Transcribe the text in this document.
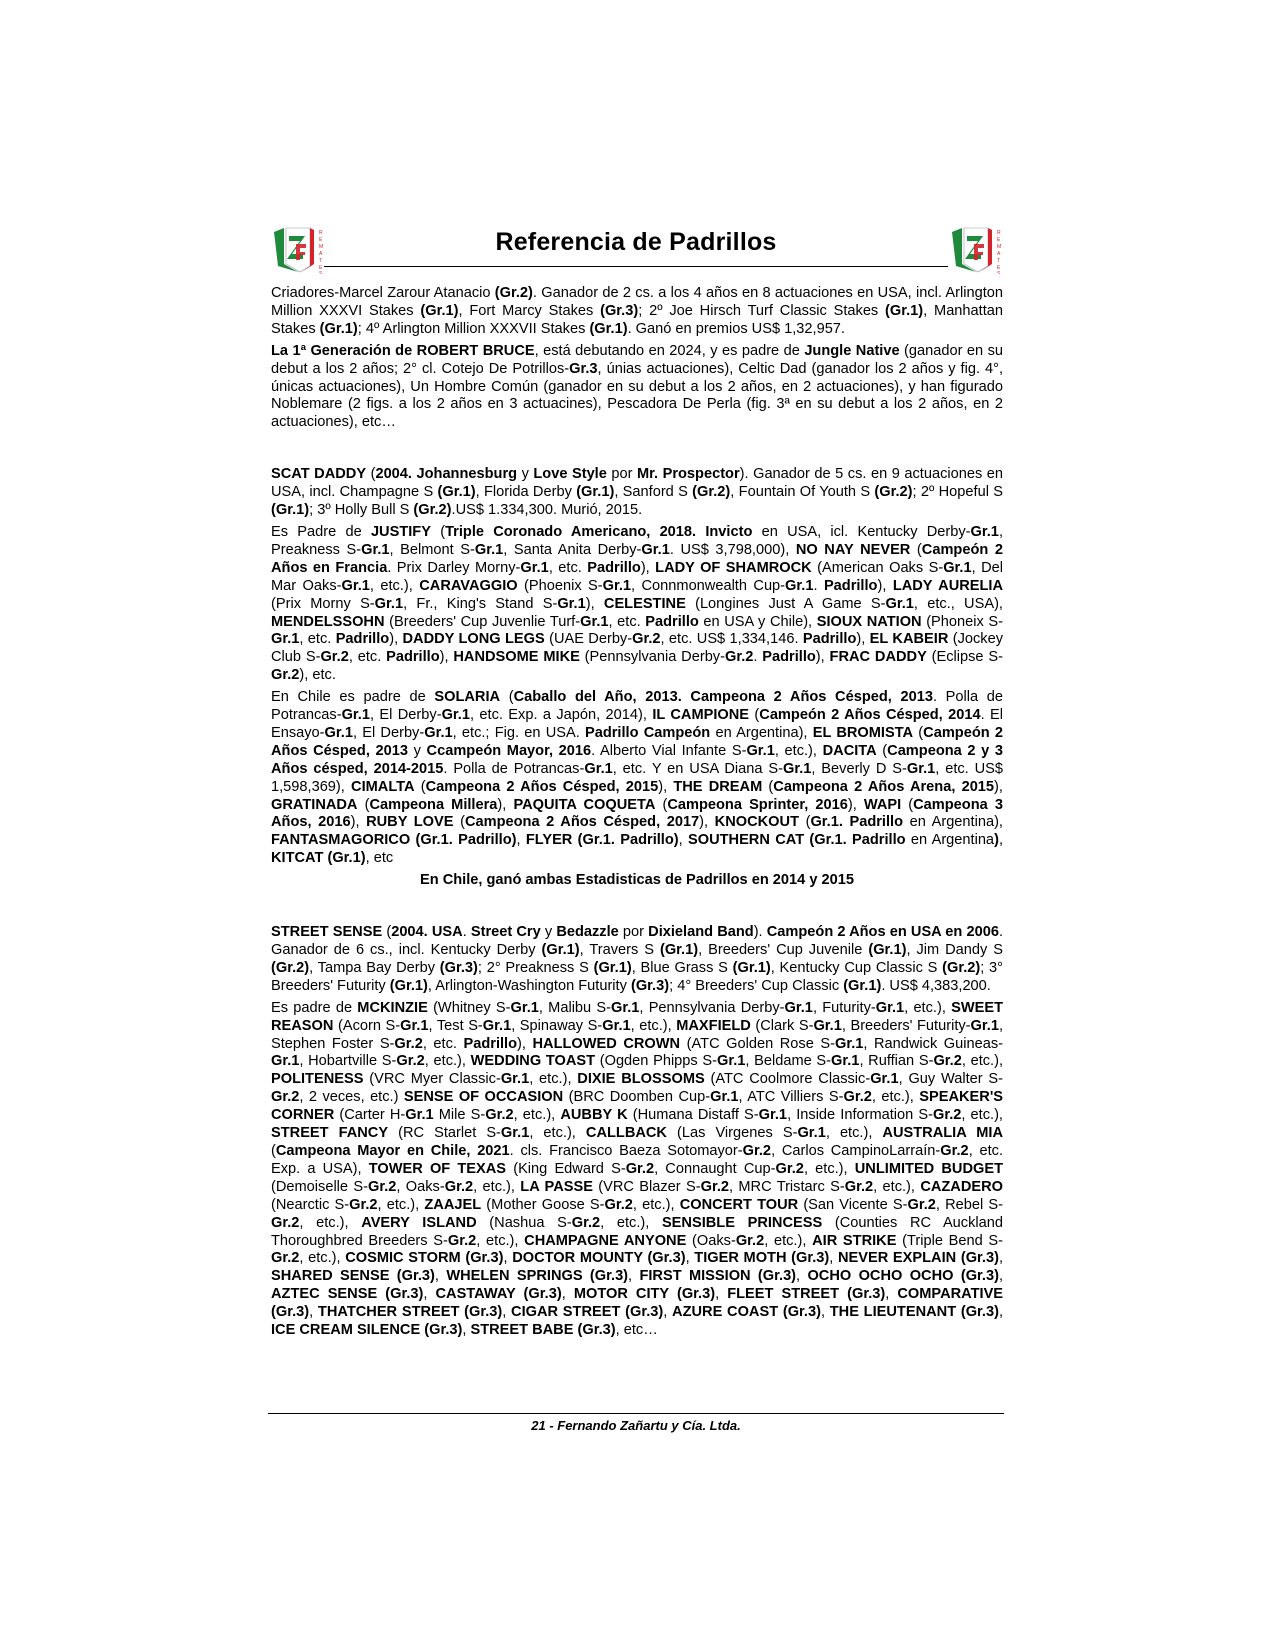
R
E
M
A
T
E
S
Referencia de Padrillos	R
E
M
A
T
E
S

Criadores-Marcel Zarour Atanacio (Gr.2). Ganador de 2 cs. a los 4 años en 8 actuaciones en USA, incl. Arlington Million XXXVI Stakes (Gr.1), Fort Marcy Stakes (Gr.3); 2º Joe Hirsch Turf Classic Stakes (Gr.1), Manhattan Stakes (Gr.1); 4º Arlington Million XXXVII Stakes (Gr.1). Ganó en premios US$ 1,32,957.

La 1ª Generación de ROBERT BRUCE, está debutando en 2024, y es padre de Jungle Native (ganador en su debut a los 2 años; 2° cl. Cotejo De Potrillos-Gr.3, únias actuaciones), Celtic Dad (ganador los 2 años y fig. 4°, únicas actuaciones), Un Hombre Común (ganador en su debut a los 2 años, en 2 actuaciones), y han figurado Noblemare (2 figs. a los 2 años en 3 actuacines), Pescadora De Perla (fig. 3ª en su debut a los 2 años, en 2 actuaciones), etc…

SCAT DADDY (2004. Johannesburg y Love Style por Mr. Prospector). Ganador de 5 cs. en 9 actuaciones en USA, incl. Champagne S (Gr.1), Florida Derby (Gr.1), Sanford S (Gr.2), Fountain Of Youth S (Gr.2); 2º Hopeful S (Gr.1); 3º Holly Bull S (Gr.2).US$ 1.334,300. Murió, 2015.

Es Padre de JUSTIFY (Triple Coronado Americano, 2018. Invicto en USA, icl. Kentucky Derby-Gr.1, Preakness S-Gr.1, Belmont S-Gr.1, Santa Anita Derby-Gr.1. US$ 3,798,000), NO NAY NEVER (Campeón 2 Años en Francia. Prix Darley Morny-Gr.1, etc. Padrillo), LADY OF SHAMROCK (American Oaks S-Gr.1, Del Mar Oaks-Gr.1, etc.), CARAVAGGIO (Phoenix S-Gr.1, Connmonwealth Cup-Gr.1. Padrillo), LADY AURELIA (Prix Morny S-Gr.1, Fr., King's Stand S-Gr.1), CELESTINE (Longines Just A Game S-Gr.1, etc., USA), MENDELSSOHN (Breeders' Cup Juvenlie Turf-Gr.1, etc. Padrillo en USA y Chile), SIOUX NATION (Phoneix S-Gr.1, etc. Padrillo), DADDY LONG LEGS (UAE Derby-Gr.2, etc. US$ 1,334,146. Padrillo), EL KABEIR (Jockey Club S-Gr.2, etc. Padrillo), HANDSOME MIKE (Pennsylvania Derby-Gr.2. Padrillo), FRAC DADDY (Eclipse S-Gr.2), etc.

En Chile es padre de SOLARIA (Caballo del Año, 2013. Campeona 2 Años Césped, 2013. Polla de Potrancas-Gr.1, El Derby-Gr.1, etc. Exp. a Japón, 2014), IL CAMPIONE (Campeón 2 Años Césped, 2014. El Ensayo-Gr.1, El Derby-Gr.1, etc.; Fig. en USA. Padrillo Campeón en Argentina), EL BROMISTA (Campeón 2 Años Césped, 2013 y Ccampeón Mayor, 2016. Alberto Vial Infante S-Gr.1, etc.), DACITA (Campeona 2 y 3 Años césped, 2014-2015. Polla de Potrancas-Gr.1, etc. Y en USA Diana S-Gr.1, Beverly D S-Gr.1, etc. US$ 1,598,369), CIMALTA (Campeona 2 Años Césped, 2015), THE DREAM (Campeona 2 Años Arena, 2015), GRATINADA (Campeona Millera), PAQUITA COQUETA (Campeona Sprinter, 2016), WAPI (Campeona 3 Años, 2016), RUBY LOVE (Campeona 2 Años Césped, 2017), KNOCKOUT (Gr.1. Padrillo en Argentina), FANTASMAGORICO (Gr.1. Padrillo), FLYER (Gr.1. Padrillo), SOUTHERN CAT (Gr.1. Padrillo en Argentina), KITCAT (Gr.1), etc

En Chile, ganó ambas Estadisticas de Padrillos en 2014 y 2015

STREET SENSE (2004. USA. Street Cry y Bedazzle por Dixieland Band). Campeón 2 Años en USA en 2006. Ganador de 6 cs., incl. Kentucky Derby (Gr.1), Travers S (Gr.1), Breeders' Cup Juvenile (Gr.1), Jim Dandy S (Gr.2), Tampa Bay Derby (Gr.3); 2° Preakness S (Gr.1), Blue Grass S (Gr.1), Kentucky Cup Classic S (Gr.2); 3° Breeders' Futurity (Gr.1), Arlington-Washington Futurity (Gr.3); 4° Breeders' Cup Classic (Gr.1). US$ 4,383,200.

Es padre de MCKINZIE (Whitney S-Gr.1, Malibu S-Gr.1, Pennsylvania Derby-Gr.1, Futurity-Gr.1, etc.), SWEET REASON (Acorn S-Gr.1, Test S-Gr.1, Spinaway S-Gr.1, etc.), MAXFIELD (Clark S-Gr.1, Breeders' Futurity-Gr.1, Stephen Foster S-Gr.2, etc. Padrillo), HALLOWED CROWN (ATC Golden Rose S-Gr.1, Randwick Guineas-Gr.1, Hobartville S-Gr.2, etc.), WEDDING TOAST (Ogden Phipps S-Gr.1, Beldame S-Gr.1, Ruffian S-Gr.2, etc.), POLITENESS (VRC Myer Classic-Gr.1, etc.), DIXIE BLOSSOMS (ATC Coolmore Classic-Gr.1, Guy Walter S-Gr.2, 2 veces, etc.) SENSE OF OCCASION (BRC Doomben Cup-Gr.1, ATC Villiers S-Gr.2, etc.), SPEAKER'S CORNER (Carter H-Gr.1 Mile S-Gr.2, etc.), AUBBY K (Humana Distaff S-Gr.1, Inside Information S-Gr.2, etc.), STREET FANCY (RC Starlet S-Gr.1, etc.), CALLBACK (Las Virgenes S-Gr.1, etc.), AUSTRALIA MIA (Campeona Mayor en Chile, 2021. cls. Francisco Baeza Sotomayor-Gr.2, Carlos CampinoLarraín-Gr.2, etc. Exp. a USA), TOWER OF TEXAS (King Edward S-Gr.2, Connaught Cup-Gr.2, etc.), UNLIMITED BUDGET (Demoiselle S-Gr.2, Oaks-Gr.2, etc.), LA PASSE (VRC Blazer S-Gr.2, MRC Tristarc S-Gr.2, etc.), CAZADERO (Nearctic S-Gr.2, etc.), ZAAJEL (Mother Goose S-Gr.2, etc.), CONCERT TOUR (San Vicente S-Gr.2, Rebel S-Gr.2, etc.), AVERY ISLAND (Nashua S-Gr.2, etc.), SENSIBLE PRINCESS (Counties RC Auckland Thoroughbred Breeders S-Gr.2, etc.), CHAMPAGNE ANYONE (Oaks-Gr.2, etc.), AIR STRIKE (Triple Bend S-Gr.2, etc.), COSMIC STORM (Gr.3), DOCTOR MOUNTY (Gr.3), TIGER MOTH (Gr.3), NEVER EXPLAIN (Gr.3), SHARED SENSE (Gr.3), WHELEN SPRINGS (Gr.3), FIRST MISSION (Gr.3), OCHO OCHO OCHO (Gr.3), AZTEC SENSE (Gr.3), CASTAWAY (Gr.3), MOTOR CITY (Gr.3), FLEET STREET (Gr.3), COMPARATIVE (Gr.3), THATCHER STREET (Gr.3), CIGAR STREET (Gr.3), AZURE COAST (Gr.3), THE LIEUTENANT (Gr.3), ICE CREAM SILENCE (Gr.3), STREET BABE (Gr.3), etc…

21 - Fernando Zañartu y Cía. Ltda.
